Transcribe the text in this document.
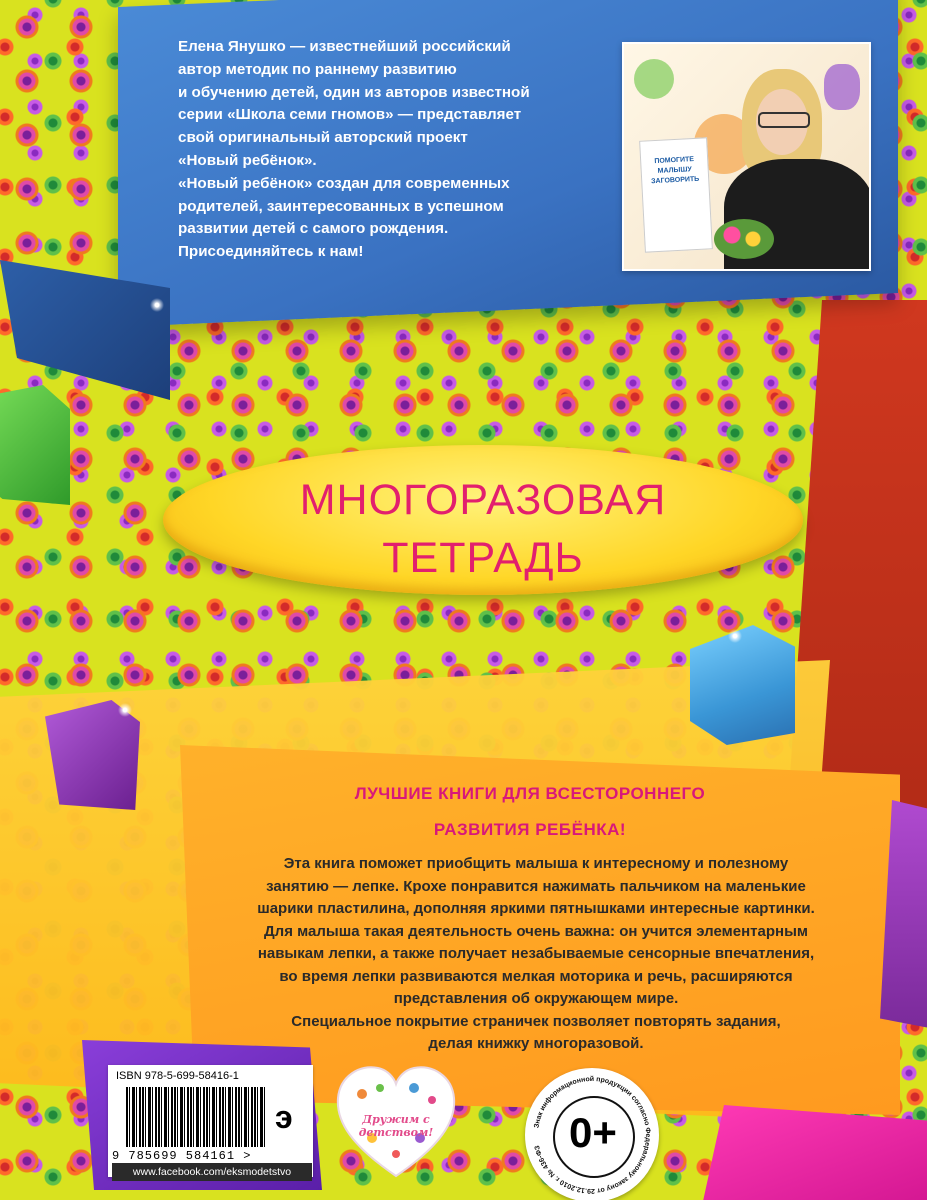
Елена Янушко — известнейший российский

автор методик по раннему развитию

и обучению детей, один из авторов известной

серии «Школа семи гномов» — представляет

свой оригинальный авторский проект

«Новый ребёнок».

«Новый ребёнок» создан для современных

родителей, заинтересованных в успешном

развитии детей с самого рождения.

Присоединяйтесь к нам!

ПОМОГИТЕ МАЛЫШУ ЗАГОВОРИТЬ
МНОГОРАЗОВАЯ
ТЕТРАДЬ
ЛУЧШИЕ КНИГИ ДЛЯ ВСЕСТОРОННЕГО
РАЗВИТИЯ РЕБЁНКА!

Эта книга поможет приобщить малыша к интересному и полезному

занятию — лепке. Крохе понравится нажимать пальчиком на маленькие

шарики пластилина, дополняя яркими пятнышками интересные картинки.

Для малыша такая деятельность очень важна: он учится элементарным

навыкам лепки, а также получает незабываемые сенсорные впечатления,

во время лепки развиваются мелкая моторика и речь, расширяются

представления об окружающем мире.

Специальное покрытие страничек позволяет повторять задания,

делая книжку многоразовой.

ISBN 978-5-699-58416-1
э
9 785699 584161 >
www.facebook.com/eksmodetstvo
Дружим с детством!
Знак информационной продукции согласно Федеральному закону от 29.12.2010 г. № 436-ФЗ 0+
